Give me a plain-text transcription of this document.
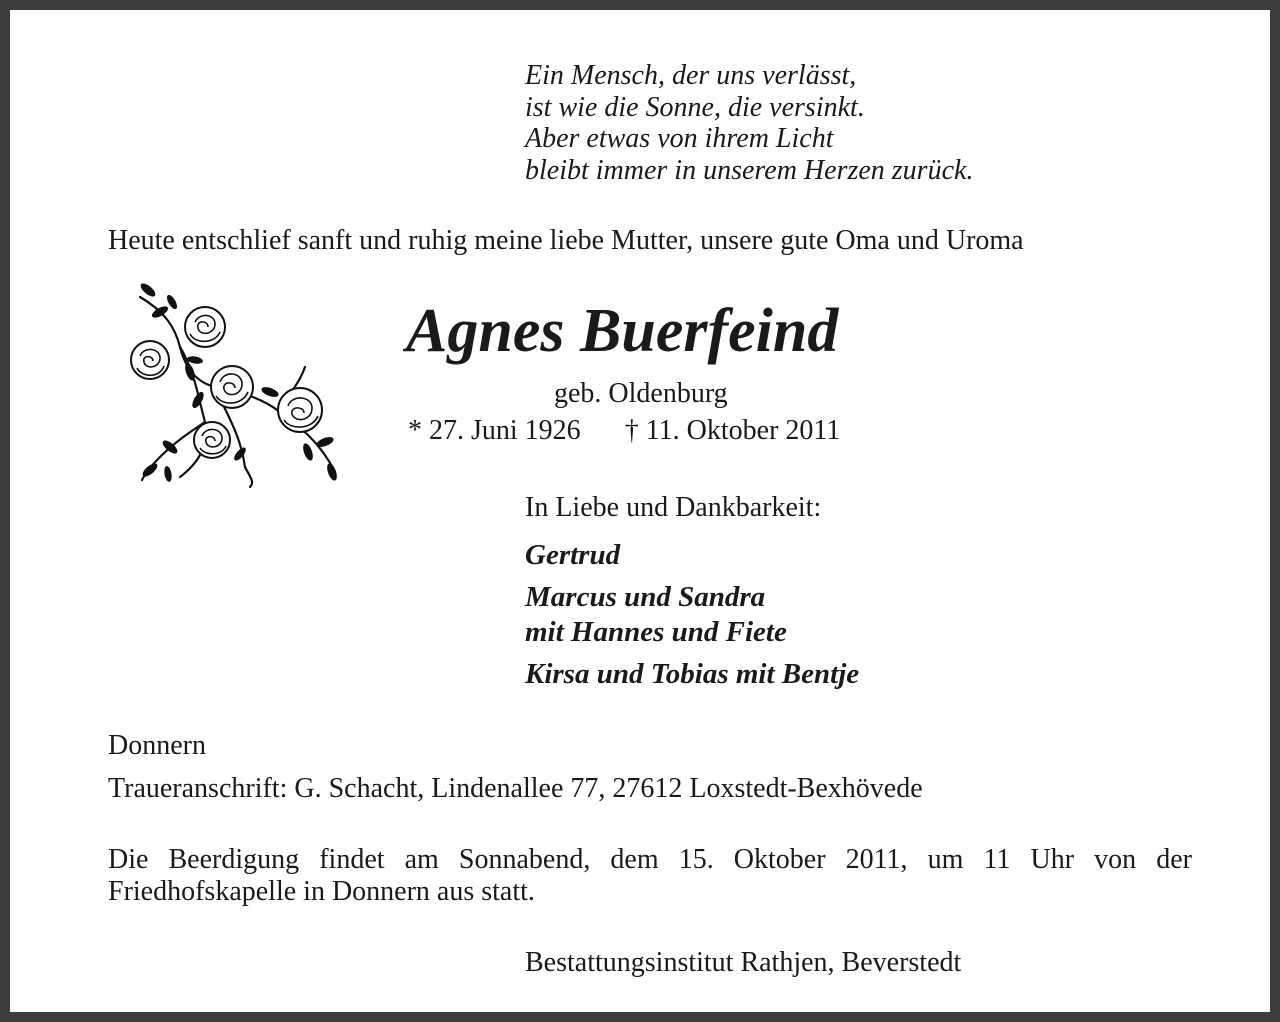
Ein Mensch, der uns verlässt,
ist wie die Sonne, die versinkt.
Aber etwas von ihrem Licht
bleibt immer in unserem Herzen zurück.
Heute entschlief sanft und ruhig meine liebe Mutter, unsere gute Oma und Uroma
Agnes Buerfeind
geb. Oldenburg
* 27. Juni 1926 † 11. Oktober 2011
In Liebe und Dankbarkeit:
Gertrud
Marcus und Sandra
mit Hannes und Fiete
Kirsa und Tobias mit Bentje
Donnern
Traueranschrift: G. Schacht, Lindenallee 77, 27612 Loxstedt-Bexhövede
Die Beerdigung findet am Sonnabend, dem 15. Oktober 2011, um 11 Uhr von der
Friedhofskapelle in Donnern aus statt.
Bestattungsinstitut Rathjen, Beverstedt
